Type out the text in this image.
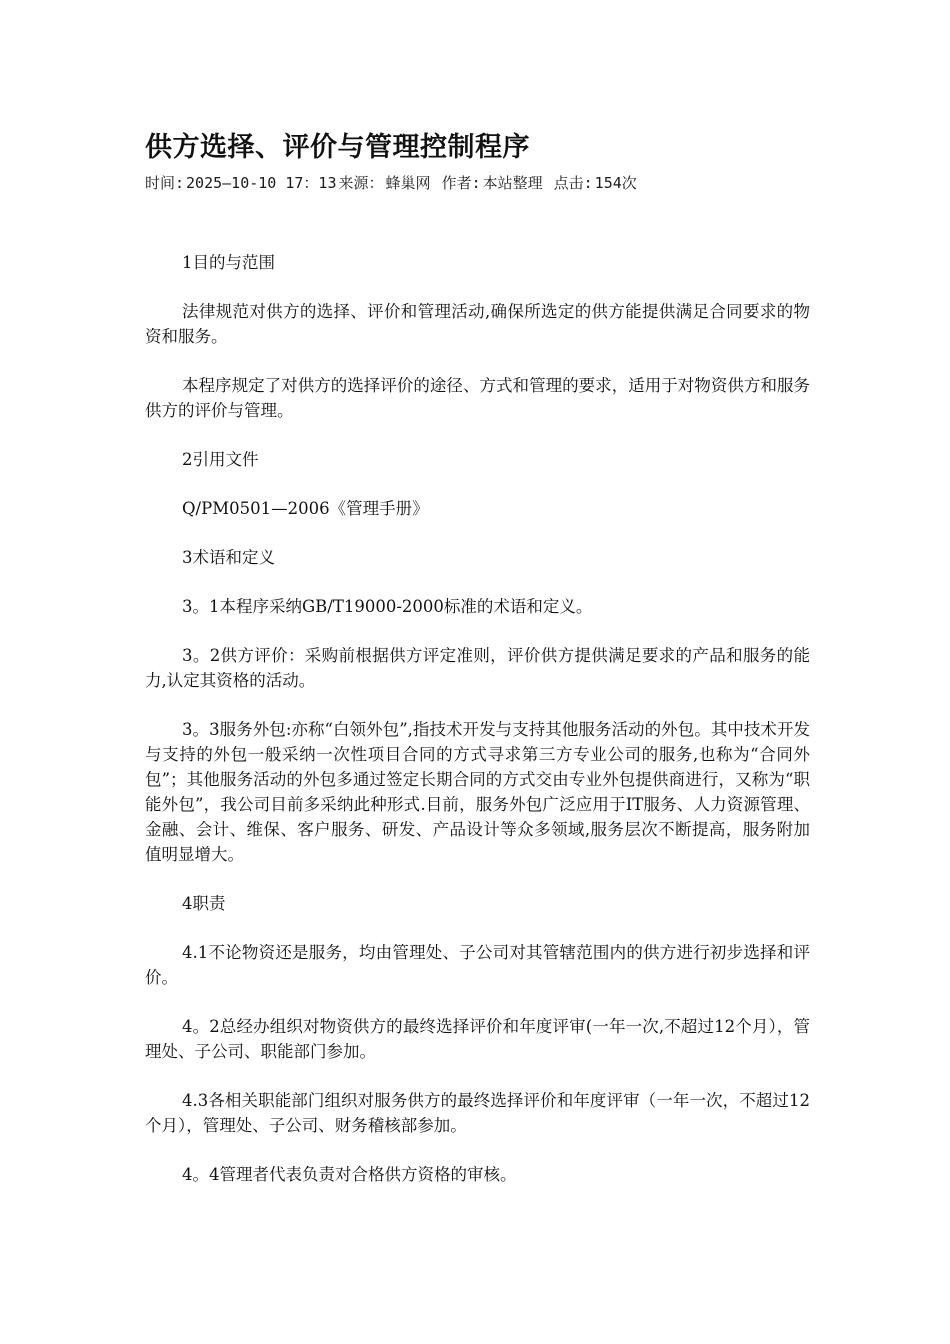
供方选择、评价与管理控制程序
时间: 2025—10-10 17：13 来源： 蜂巢网 作者: 本站整理 点击: 154次

1目的与范围

法律规范对供方的选择、评价和管理活动,确保所选定的供方能提供满足合同要求的物资和服务。

本程序规定了对供方的选择评价的途径、方式和管理的要求，适用于对物资供方和服务供方的评价与管理。

2引用文件

Q/PM0501—2006《管理手册》

3术语和定义

3。1本程序采纳GB/T19000-2000标准的术语和定义。

3。2供方评价：采购前根据供方评定准则，评价供方提供满足要求的产品和服务的能力,认定其资格的活动。

3。3服务外包:亦称“白领外包”,指技术开发与支持其他服务活动的外包。其中技术开发与支持的外包一般采纳一次性项目合同的方式寻求第三方专业公司的服务,也称为“合同外包”；其他服务活动的外包多通过签定长期合同的方式交由专业外包提供商进行，又称为“职能外包”，我公司目前多采纳此种形式.目前，服务外包广泛应用于IT服务、人力资源管理、金融、会计、维保、客户服务、研发、产品设计等众多领域,服务层次不断提高，服务附加值明显增大。

4职责

4.1不论物资还是服务，均由管理处、子公司对其管辖范围内的供方进行初步选择和评价。

4。2总经办组织对物资供方的最终选择评价和年度评审(一年一次,不超过12个月），管理处、子公司、职能部门参加。

4.3各相关职能部门组织对服务供方的最终选择评价和年度评审（一年一次，不超过12个月），管理处、子公司、财务稽核部参加。

4。4管理者代表负责对合格供方资格的审核。
